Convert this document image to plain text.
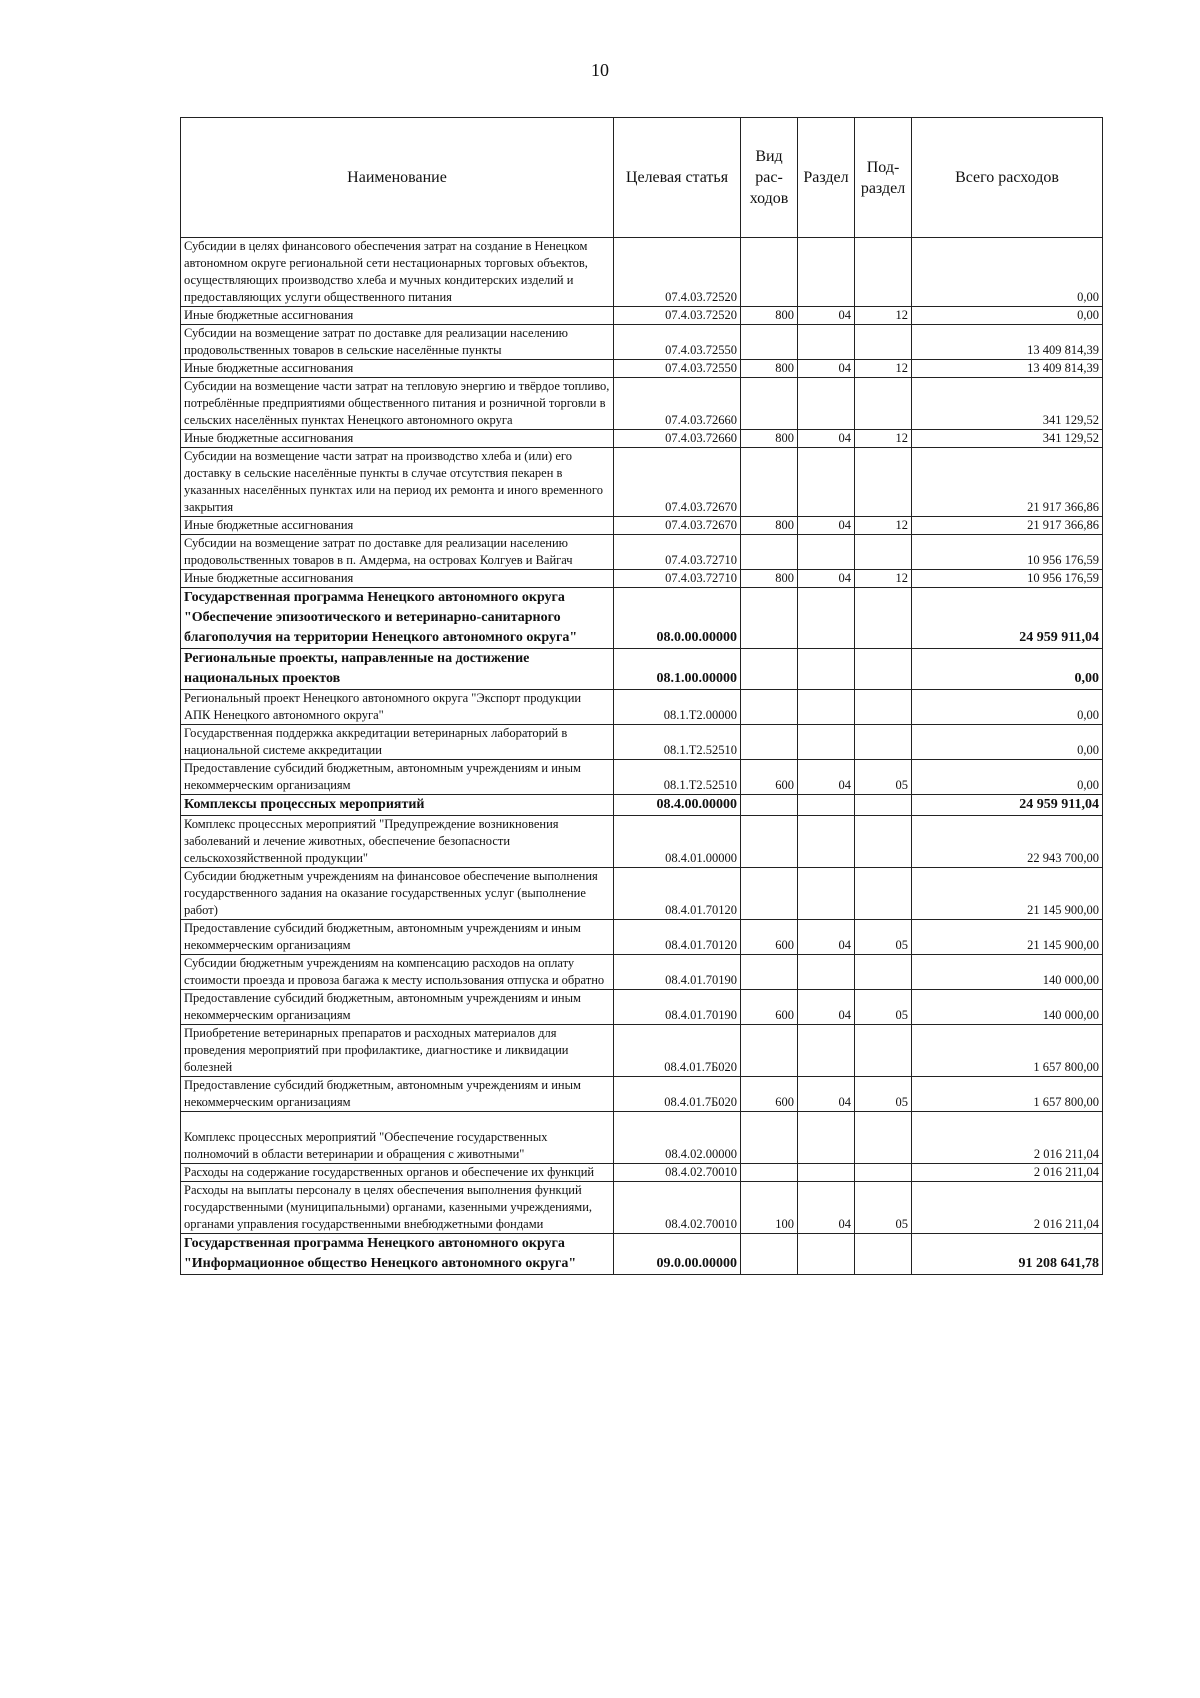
10
Наименование	Целевая статья	Вид рас-ходов	Раздел	Под-раздел	Всего расходов
Субсидии в целях финансового обеспечения затрат на создание в Ненецком автономном округе региональной сети нестационарных торговых объектов, осуществляющих производство хлеба и мучных кондитерских изделий и предоставляющих услуги общественного питания	07.4.03.72520				0,00
Иные бюджетные ассигнования	07.4.03.72520	800	04	12	0,00
Субсидии на возмещение затрат по доставке для реализации населению продовольственных товаров в сельские населённые пункты	07.4.03.72550				13 409 814,39
Иные бюджетные ассигнования	07.4.03.72550	800	04	12	13 409 814,39
Субсидии на возмещение части затрат на тепловую энергию и твёрдое топливо, потреблённые предприятиями общественного питания и розничной торговли в сельских населённых пунктах Ненецкого автономного округа	07.4.03.72660				341 129,52
Иные бюджетные ассигнования	07.4.03.72660	800	04	12	341 129,52
Субсидии на возмещение части затрат на производство хлеба и (или) его доставку в сельские населённые пункты в случае отсутствия пекарен в указанных населённых пунктах или на период их ремонта и иного временного закрытия	07.4.03.72670				21 917 366,86
Иные бюджетные ассигнования	07.4.03.72670	800	04	12	21 917 366,86
Субсидии на возмещение затрат по доставке для реализации населению продовольственных товаров в п. Амдерма, на островах Колгуев и Вайгач	07.4.03.72710				10 956 176,59
Иные бюджетные ассигнования	07.4.03.72710	800	04	12	10 956 176,59
Государственная программа Ненецкого автономного округа "Обеспечение эпизоотического и ветеринарно-санитарного благополучия на территории Ненецкого автономного округа"	08.0.00.00000				24 959 911,04
Региональные проекты, направленные на достижение национальных проектов	08.1.00.00000				0,00
Региональный проект Ненецкого автономного округа "Экспорт продукции АПК Ненецкого автономного округа"	08.1.T2.00000				0,00
Государственная поддержка аккредитации ветеринарных лабораторий в национальной системе аккредитации	08.1.T2.52510				0,00
Предоставление субсидий бюджетным, автономным учреждениям и иным некоммерческим организациям	08.1.T2.52510	600	04	05	0,00
Комплексы процессных мероприятий	08.4.00.00000				24 959 911,04
Комплекс процессных мероприятий "Предупреждение возникновения заболеваний и лечение животных, обеспечение безопасности сельскохозяйственной продукции"	08.4.01.00000				22 943 700,00
Субсидии бюджетным учреждениям на финансовое обеспечение выполнения государственного задания на оказание государственных услуг (выполнение работ)	08.4.01.70120				21 145 900,00
Предоставление субсидий бюджетным, автономным учреждениям и иным некоммерческим организациям	08.4.01.70120	600	04	05	21 145 900,00
Субсидии бюджетным учреждениям на компенсацию расходов на оплату стоимости проезда и провоза багажа к месту использования отпуска и обратно	08.4.01.70190				140 000,00
Предоставление субсидий бюджетным, автономным учреждениям и иным некоммерческим организациям	08.4.01.70190	600	04	05	140 000,00
Приобретение ветеринарных препаратов и расходных материалов для проведения мероприятий при профилактике, диагностике и ликвидации болезней	08.4.01.7Б020				1 657 800,00
Предоставление субсидий бюджетным, автономным учреждениям и иным некоммерческим организациям	08.4.01.7Б020	600	04	05	1 657 800,00
Комплекс процессных мероприятий "Обеспечение государственных полномочий в области ветеринарии и обращения с животными"	08.4.02.00000				2 016 211,04
Расходы на содержание государственных органов и обеспечение их функций	08.4.02.70010				2 016 211,04
Расходы на выплаты персоналу в целях обеспечения выполнения функций государственными (муниципальными) органами, казенными учреждениями, органами управления государственными внебюджетными фондами	08.4.02.70010	100	04	05	2 016 211,04
Государственная программа Ненецкого автономного округа "Информационное общество Ненецкого автономного округа"	09.0.00.00000				91 208 641,78
